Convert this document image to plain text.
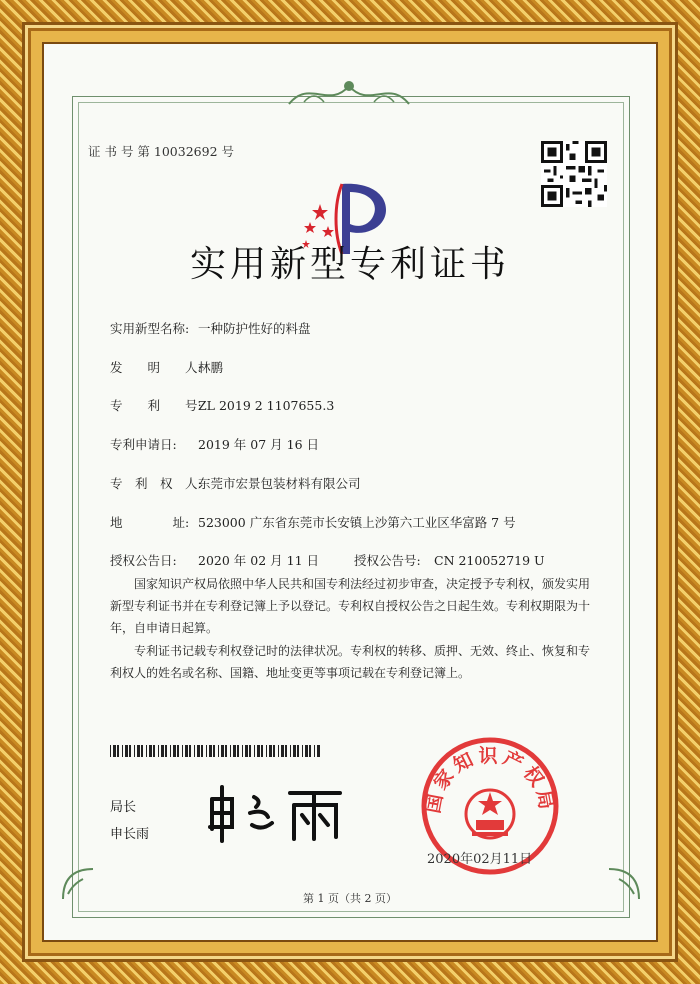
证 书 号 第 10032692 号
实用新型专利证书
实用新型名称: 一种防护性好的料盘
发　　明　　人:林鹏
专　　利　　号:ZL 2019 2 1107655.3
专利申请日: 2019 年 07 月 16 日
专　利　权　人:东莞市宏景包装材料有限公司
地　　　　址: 523000 广东省东莞市长安镇上沙第六工业区华富路 7 号
授权公告日: 2020 年 02 月 11 日	授权公告号: CN 210052719 U
国家知识产权局依照中华人民共和国专利法经过初步审查，决定授予专利权，颁发实用新型专利证书并在专利登记簿上予以登记。专利权自授权公告之日起生效。专利权期限为十年，自申请日起算。
专利证书记载专利权登记时的法律状况。专利权的转移、质押、无效、终止、恢复和专利权人的姓名或名称、国籍、地址变更等事项记载在专利登记簿上。
局长
申长雨
国家知识产权局
2020年02月11日
第 1 页（共 2 页）
